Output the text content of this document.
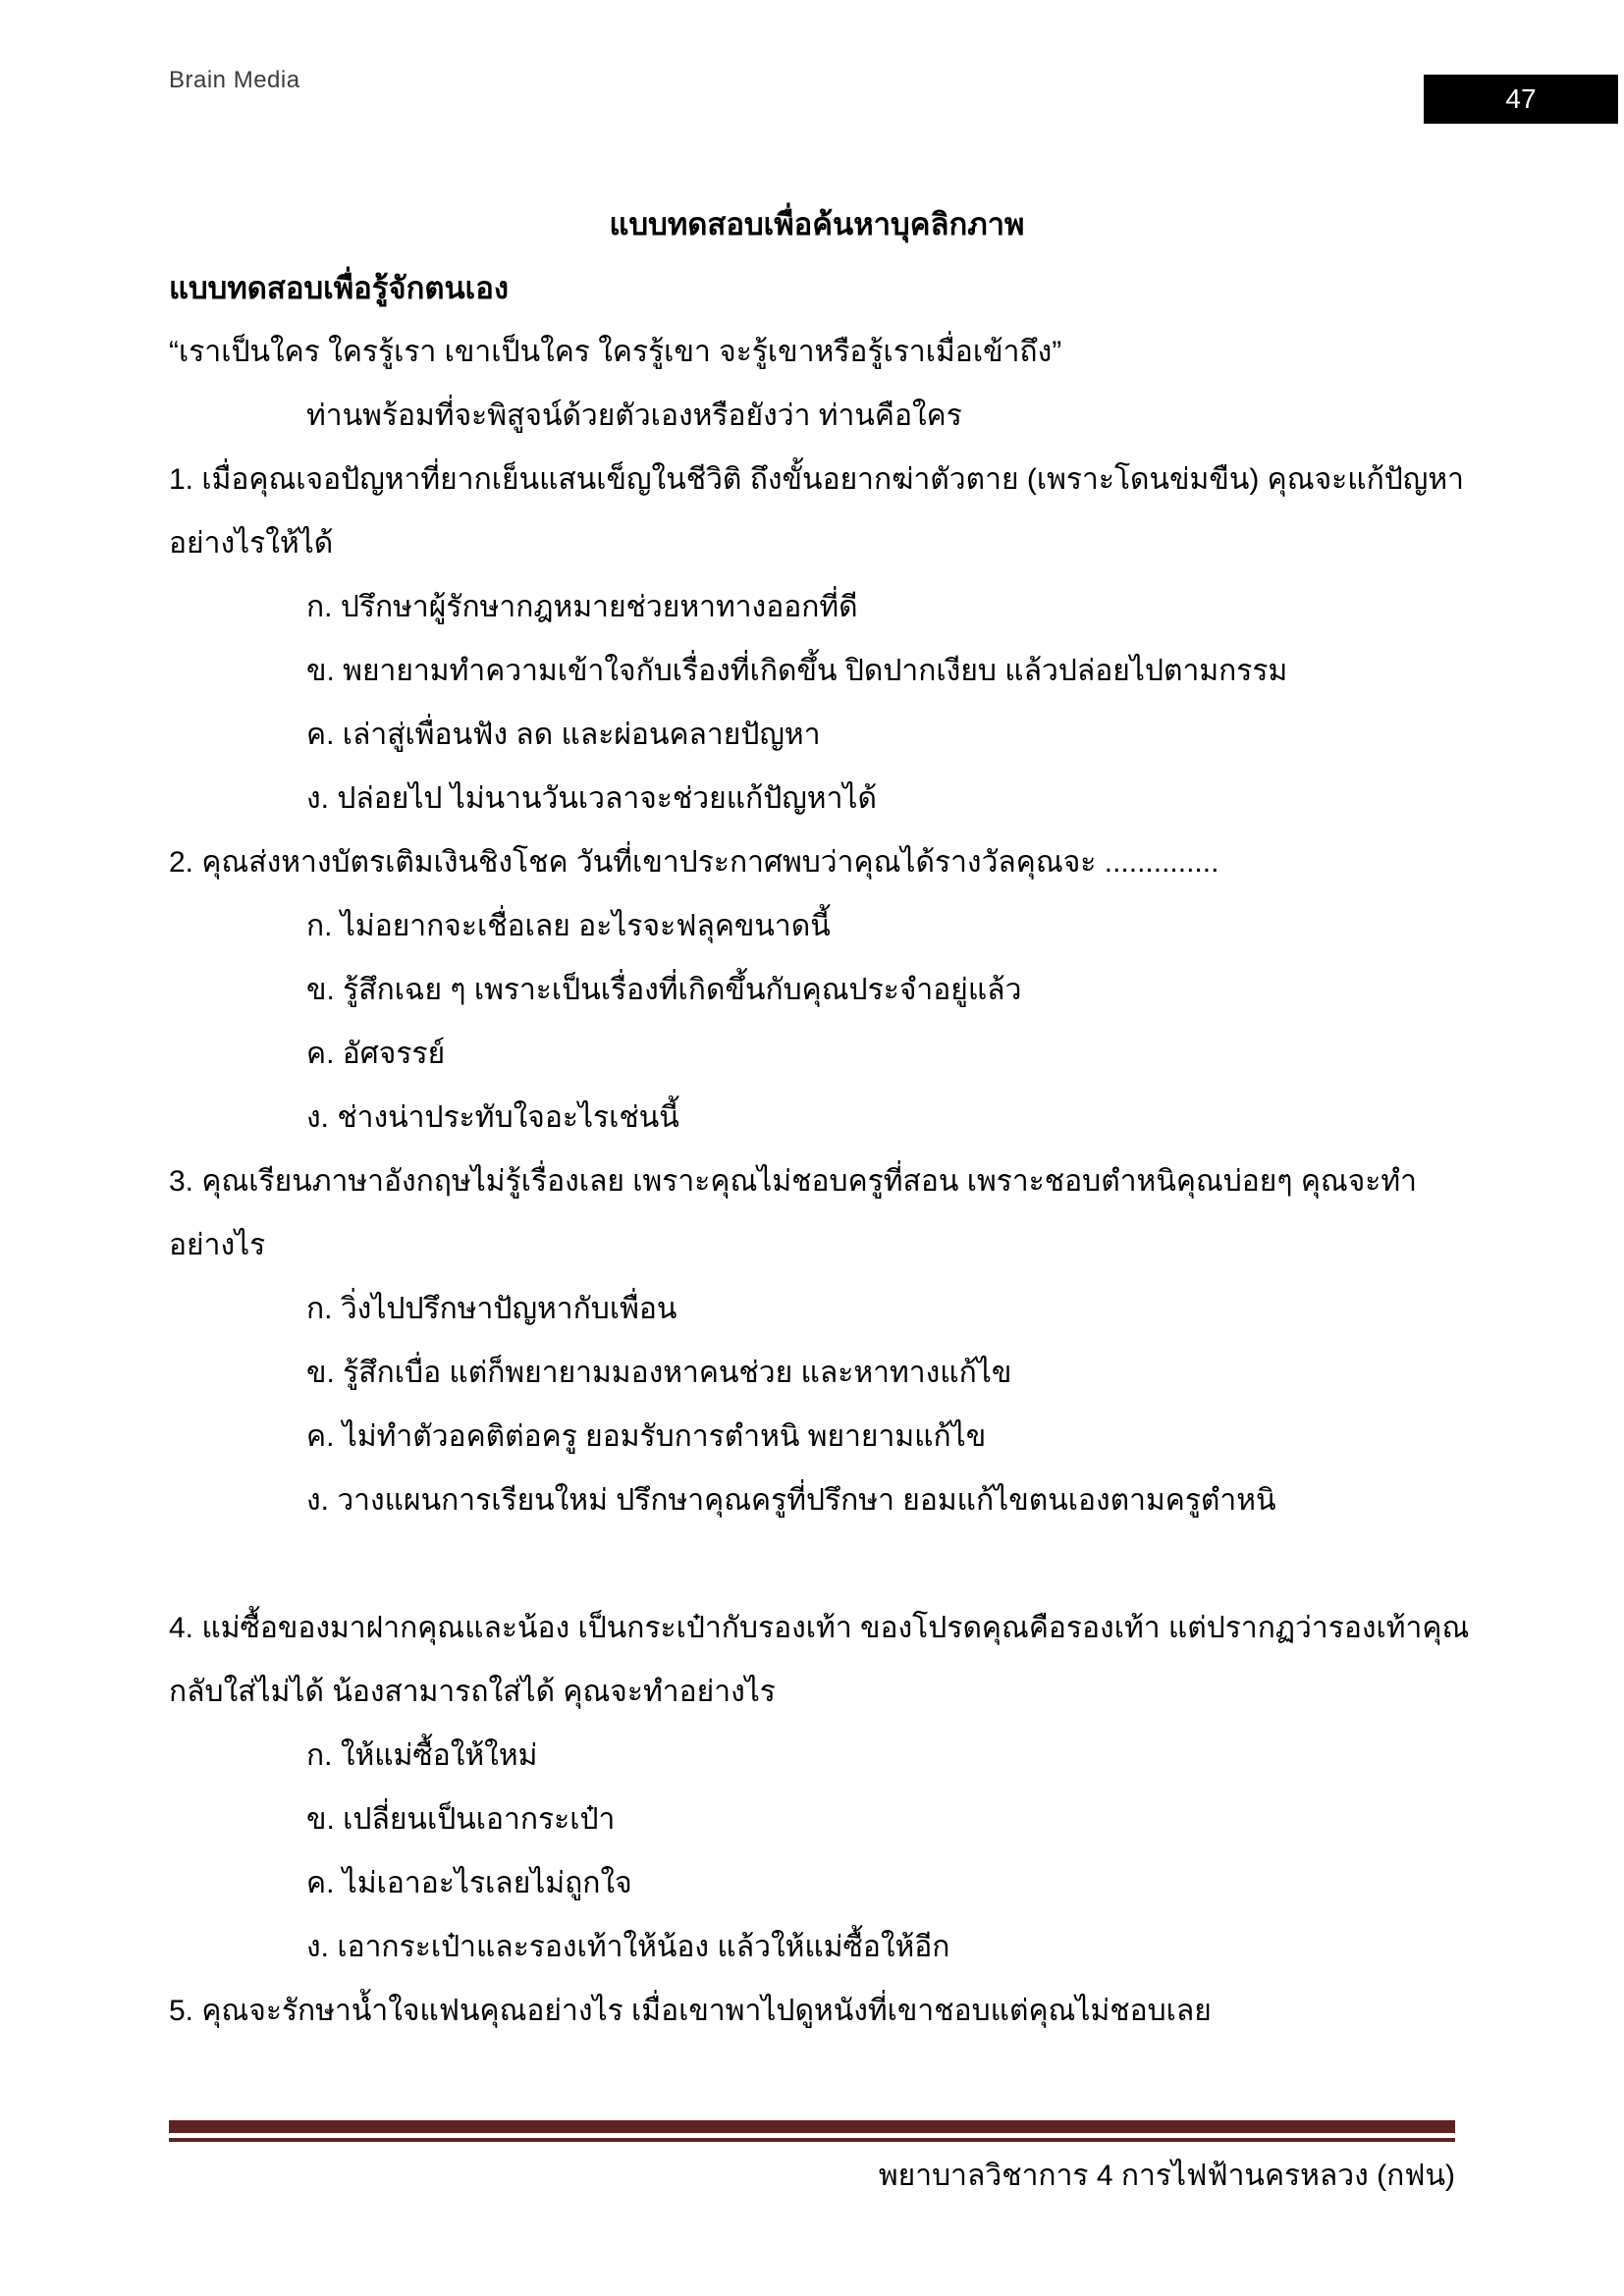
Brain Media
47
แบบทดสอบเพื่อค้นหาบุคลิกภาพ
แบบทดสอบเพื่อรู้จักตนเอง
“เราเป็นใคร ใครรู้เรา เขาเป็นใคร ใครรู้เขา จะรู้เขาหรือรู้เราเมื่อเข้าถึง”
ท่านพร้อมที่จะพิสูจน์ด้วยตัวเองหรือยังว่า ท่านคือใคร
1. เมื่อคุณเจอปัญหาที่ยากเย็นแสนเข็ญในชีวิติ ถึงขั้นอยากฆ่าตัวตาย (เพราะโดนข่มขืน) คุณจะแก้ปัญหา
อย่างไรให้ได้
ก. ปรึกษาผู้รักษากฎหมายช่วยหาทางออกที่ดี
ข. พยายามทำความเข้าใจกับเรื่องที่เกิดขึ้น ปิดปากเงียบ แล้วปล่อยไปตามกรรม
ค. เล่าสู่เพื่อนฟัง ลด และผ่อนคลายปัญหา
ง. ปล่อยไป ไม่นานวันเวลาจะช่วยแก้ปัญหาได้
2. คุณส่งหางบัตรเติมเงินชิงโชค วันที่เขาประกาศพบว่าคุณได้รางวัลคุณจะ ..............
ก. ไม่อยากจะเชื่อเลย อะไรจะฟลุคขนาดนี้
ข. รู้สึกเฉย ๆ เพราะเป็นเรื่องที่เกิดขึ้นกับคุณประจำอยู่แล้ว
ค. อัศจรรย์
ง. ช่างน่าประทับใจอะไรเช่นนี้
3. คุณเรียนภาษาอังกฤษไม่รู้เรื่องเลย เพราะคุณไม่ชอบครูที่สอน เพราะชอบตำหนิคุณบ่อยๆ คุณจะทำ
อย่างไร
ก. วิ่งไปปรึกษาปัญหากับเพื่อน
ข. รู้สึกเบื่อ แต่ก็พยายามมองหาคนช่วย และหาทางแก้ไข
ค. ไม่ทำตัวอคติต่อครู ยอมรับการตำหนิ พยายามแก้ไข
ง. วางแผนการเรียนใหม่ ปรึกษาคุณครูที่ปรึกษา ยอมแก้ไขตนเองตามครูตำหนิ
4. แม่ซื้อของมาฝากคุณและน้อง เป็นกระเป๋ากับรองเท้า ของโปรดคุณคือรองเท้า แต่ปรากฏว่ารองเท้าคุณ
กลับใส่ไม่ได้ น้องสามารถใส่ได้ คุณจะทำอย่างไร
ก. ให้แม่ซื้อให้ใหม่
ข. เปลี่ยนเป็นเอากระเป๋า
ค. ไม่เอาอะไรเลยไม่ถูกใจ
ง. เอากระเป๋าและรองเท้าให้น้อง แล้วให้แม่ซื้อให้อีก
5. คุณจะรักษาน้ำใจแฟนคุณอย่างไร เมื่อเขาพาไปดูหนังที่เขาชอบแต่คุณไม่ชอบเลย
พยาบาลวิชาการ 4 การไฟฟ้านครหลวง (กฟน)
